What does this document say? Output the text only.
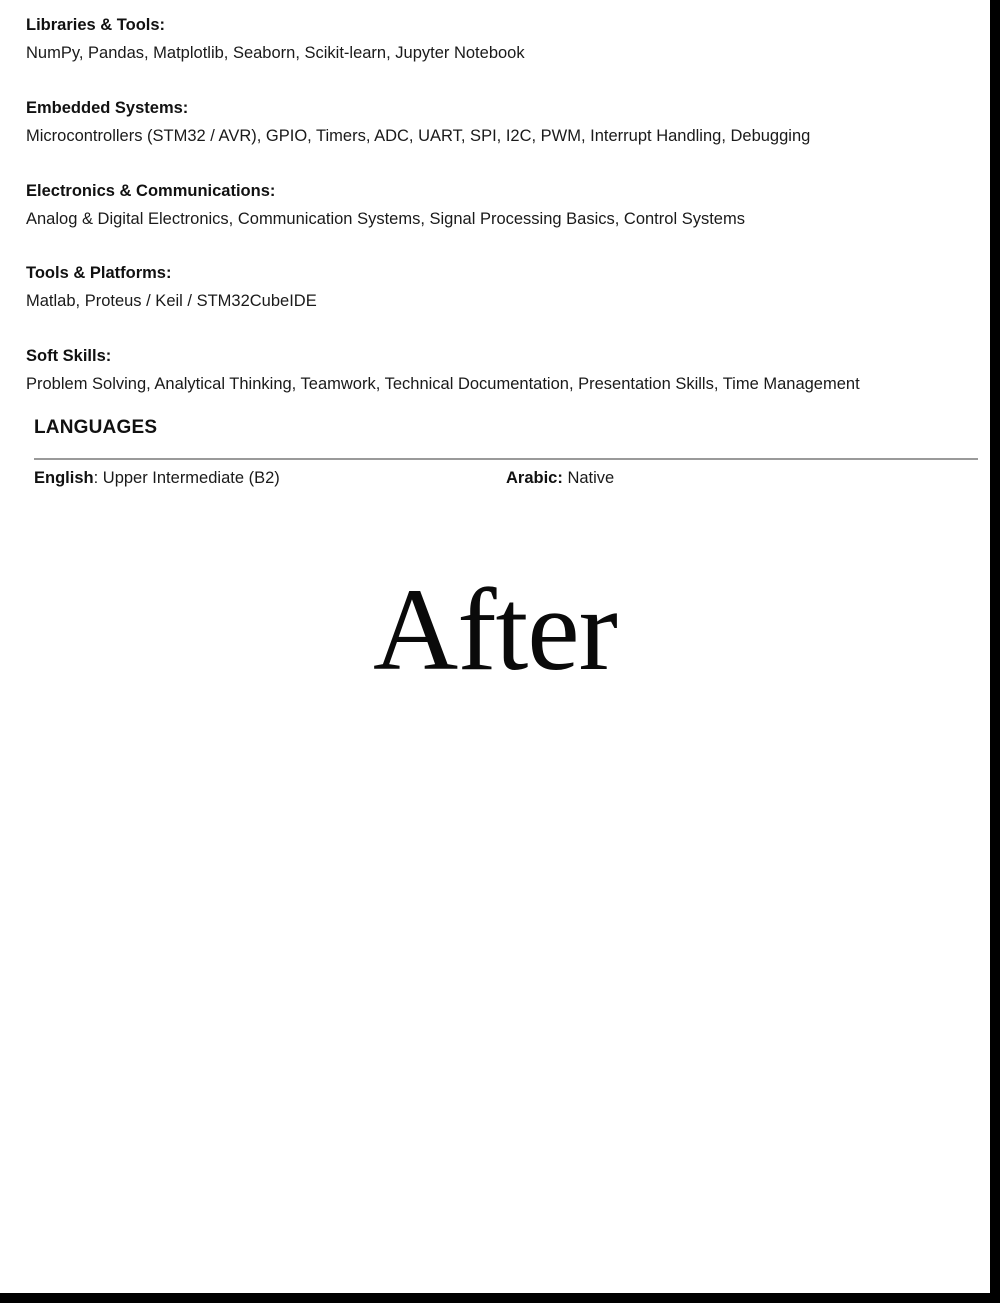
Libraries & Tools:
NumPy, Pandas, Matplotlib, Seaborn, Scikit-learn, Jupyter Notebook
Embedded Systems:
Microcontrollers (STM32 / AVR), GPIO, Timers, ADC, UART, SPI, I2C, PWM, Interrupt Handling, Debugging
Electronics & Communications:
Analog & Digital Electronics, Communication Systems, Signal Processing Basics, Control Systems
Tools & Platforms:
Matlab, Proteus / Keil / STM32CubeIDE
Soft Skills:
Problem Solving, Analytical Thinking, Teamwork, Technical Documentation, Presentation Skills, Time Management
LANGUAGES
English: Upper Intermediate (B2)	Arabic: Native
After
